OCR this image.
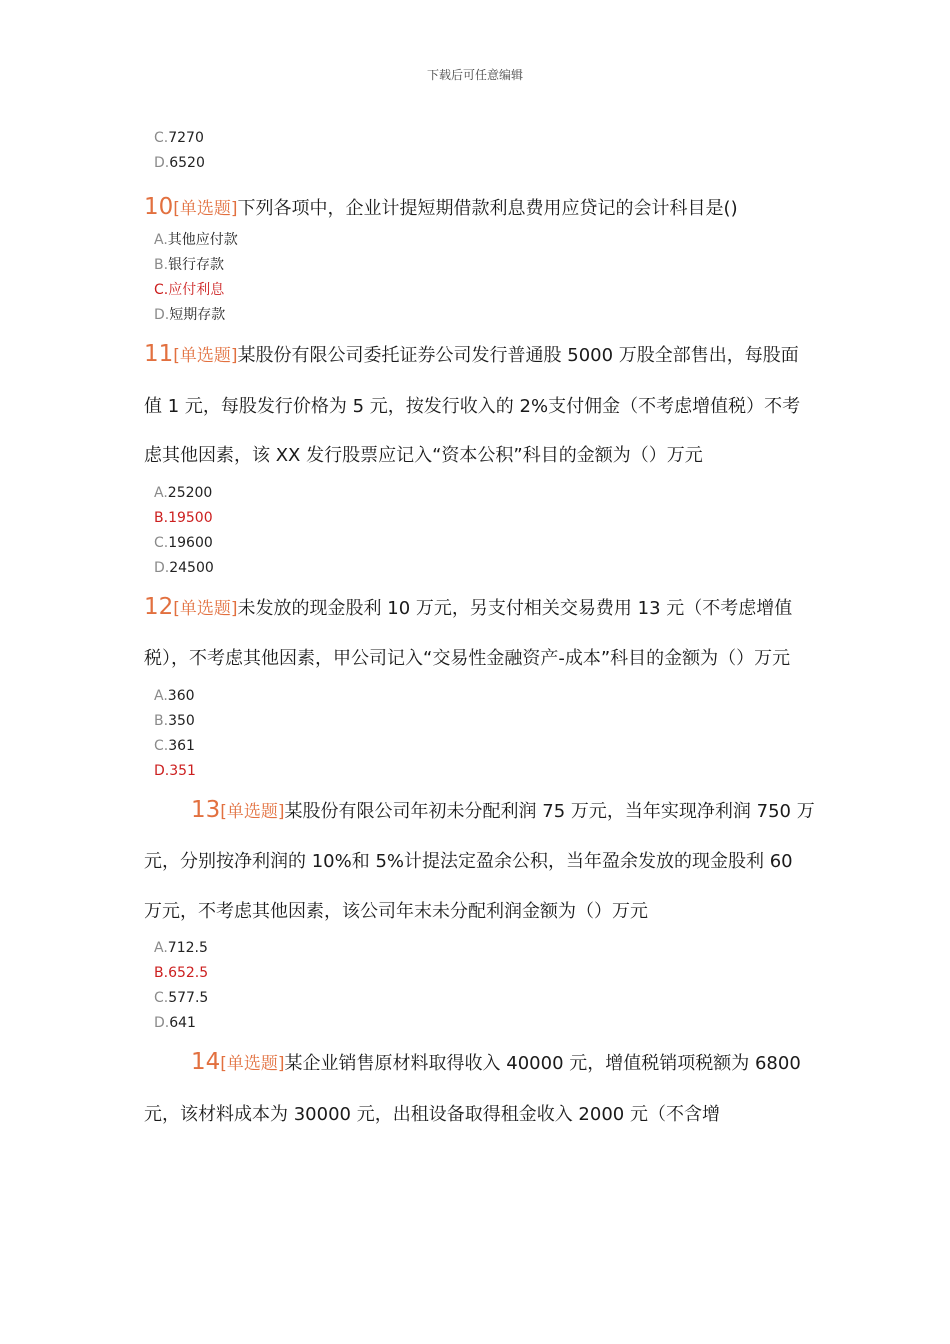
下载后可任意编辑
C.7270
D.6520
10[单选题]下列各项中，企业计提短期借款利息费用应贷记的会计科目是()
A.其他应付款
B.银行存款
C.应付利息
D.短期存款
11[单选题]某股份有限公司委托证券公司发行普通股 5000 万股全部售出，每股面值 1 元，每股发行价格为 5 元，按发行收入的 2%支付佣金（不考虑增值税）不考虑其他因素，该 XX 发行股票应记入“资本公积”科目的金额为（）万元
A.25200
B.19500
C.19600
D.24500
12[单选题]未发放的现金股利 10 万元，另支付相关交易费用 13 元（不考虑增值税），不考虑其他因素，甲公司记入“交易性金融资产-成本”科目的金额为（）万元
A.360
B.350
C.361
D.351
13[单选题]某股份有限公司年初未分配利润 75 万元，当年实现净利润 750 万元，分别按净利润的 10%和 5%计提法定盈余公积，当年盈余发放的现金股利 60 万元，不考虑其他因素，该公司年末未分配利润金额为（）万元
A.712.5
B.652.5
C.577.5
D.641
14[单选题]某企业销售原材料取得收入 40000 元，增值税销项税额为 6800 元，该材料成本为 30000 元，出租设备取得租金收入 2000 元（不含增
